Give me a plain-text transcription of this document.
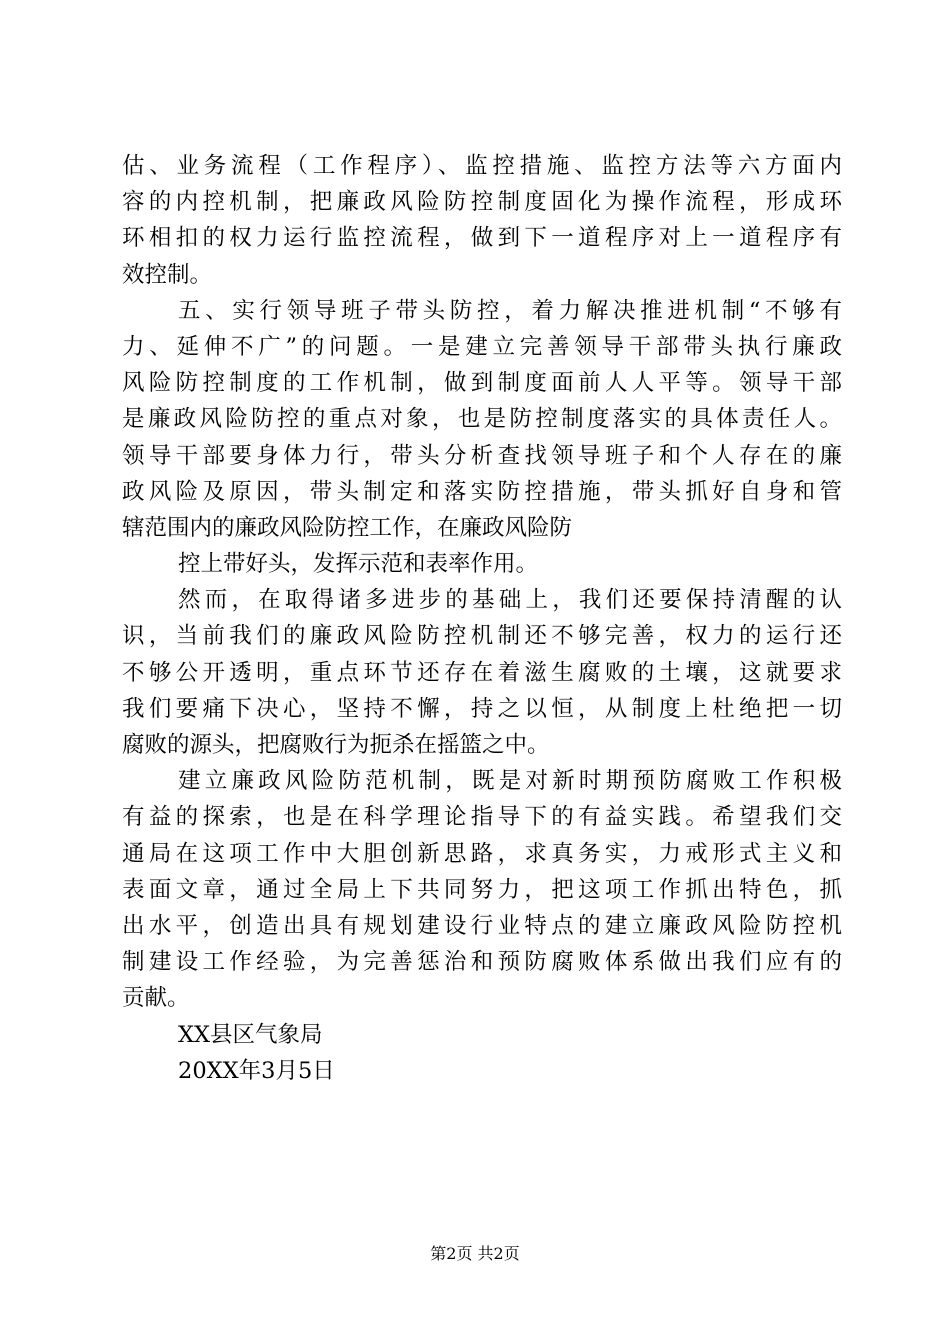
估、业务流程（工作程序）、监控措施、监控方法等六方面内
容的内控机制，把廉政风险防控制度固化为操作流程，形成环
环相扣的权力运行监控流程，做到下一道程序对上一道程序有
效控制。
五、实行领导班子带头防控，着力解决推进机制“不够有
力、延伸不广”的问题。一是建立完善领导干部带头执行廉政
风险防控制度的工作机制，做到制度面前人人平等。领导干部
是廉政风险防控的重点对象，也是防控制度落实的具体责任人。
领导干部要身体力行，带头分析查找领导班子和个人存在的廉
政风险及原因，带头制定和落实防控措施，带头抓好自身和管
辖范围内的廉政风险防控工作，在廉政风险防
控上带好头，发挥示范和表率作用。
然而，在取得诸多进步的基础上，我们还要保持清醒的认
识，当前我们的廉政风险防控机制还不够完善，权力的运行还
不够公开透明，重点环节还存在着滋生腐败的土壤，这就要求
我们要痛下决心，坚持不懈，持之以恒，从制度上杜绝把一切
腐败的源头，把腐败行为扼杀在摇篮之中。
建立廉政风险防范机制，既是对新时期预防腐败工作积极
有益的探索，也是在科学理论指导下的有益实践。希望我们交
通局在这项工作中大胆创新思路，求真务实，力戒形式主义和
表面文章，通过全局上下共同努力，把这项工作抓出特色，抓
出水平，创造出具有规划建设行业特点的建立廉政风险防控机
制建设工作经验，为完善惩治和预防腐败体系做出我们应有的
贡献。
XX县区气象局
20XX年3月5日
第2页 共2页
